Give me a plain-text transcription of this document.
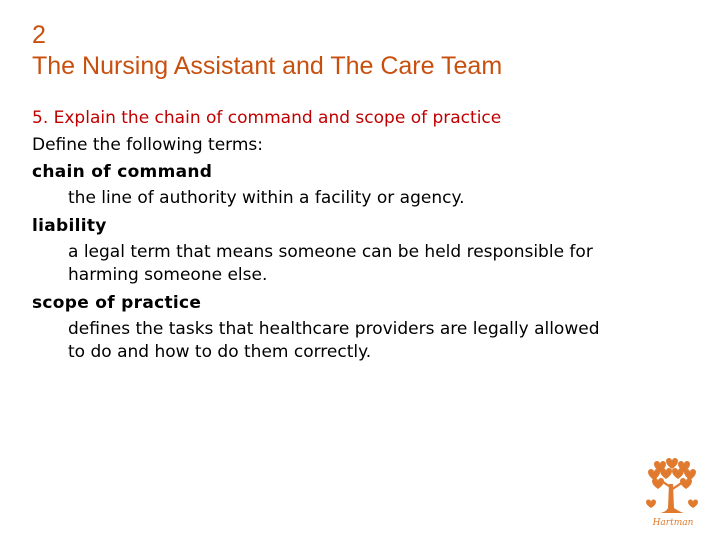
2
The Nursing Assistant and The Care Team
5. Explain the chain of command and scope of practice
Define the following terms:
chain of command
the line of authority within a facility or agency.
liability
a legal term that means someone can be held responsible for
harming someone else.
scope of practice
defines the tasks that healthcare providers are legally allowed
to do and how to do them correctly.
Hartman
